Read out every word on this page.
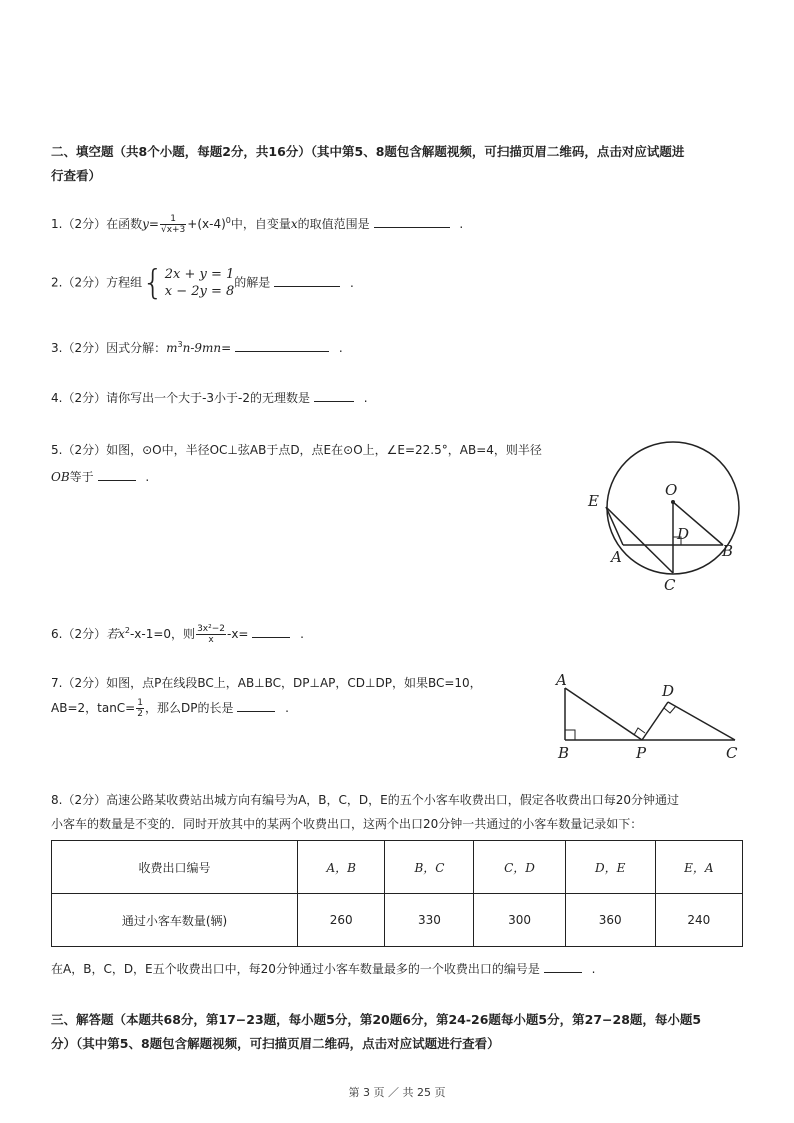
二、填空题（共8个小题，每题2分，共16分）（其中第5、8题包含解题视频，可扫描页眉二维码，点击对应试题进
行查看）
1.（2分）在函数$y= \frac{1}{√x+3} +(x-4)^0$中，自变量x的取值范围是	.
2.（2分）方程组{ 2x + y = 1
x − 2y = 8
的解是	.
3.（2分）因式分解：$m^3n-9mn=$	.
4.（2分）请你写出一个大于-3小于-2的无理数是	.
5.（2分）如图，⊙O中，半径OC⊥弦AB于点D，点E在⊙O上，∠E=22.5°，AB=4，则半径
OB等于	.
O
D
E
A	B
C
6.（2分）若$x^2-x-1=0$，则 $\frac{\text{3x²−2}}{x} -x=$	.
7.（2分）如图，点P在线段BC上，AB⊥BC，DP⊥AP，CD⊥DP，如果BC=10，
AB=2，$\tan C= \frac{1}{2}$ ，那么DP的长是	.
A
B	P
D
C
8.（2分）高速公路某收费站出城方向有编号为A，B，C，D，E的五个小客车收费出口，假定各收费出口每20分钟通过
小客车的数量是不变的．同时开放其中的某两个收费出口，这两个出口20分钟一共通过的小客车数量记录如下：
收费出口编号	A，B	B，C	C，D	D，E	E，A
通过小客车数量(辆)	260	330	300	360	240
在A，B，C，D，E五个收费出口中，每20分钟通过小客车数量最多的一个收费出口的编号是	.
三、解答题（本题共68分，第17−23题，每小题5分，第20题6分，第24-26题每小题5分，第27−28题，每小题5
分）（其中第5、8题包含解题视频，可扫描页眉二维码，点击对应试题进行查看）
第 3 页 ／ 共 25 页
